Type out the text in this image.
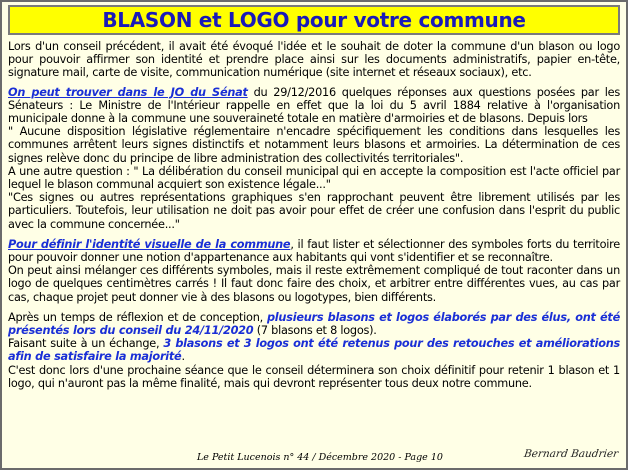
BLASON et LOGO pour votre commune

Lors d'un conseil précédent, il avait été évoqué l'idée et le souhait de doter la commune d'un blason ou logo pour pouvoir affirmer son identité et prendre place ainsi sur les documents administratifs, papier en-tête, signature mail, carte de visite, communication numérique (site internet et réseaux sociaux), etc.

On peut trouver dans le JO du Sénat du 29/12/2016 quelques réponses aux questions posées par les Sénateurs : Le Ministre de l'Intérieur rappelle en effet que la loi du 5 avril 1884 relative à l'organisation municipale donne à la commune une souveraineté totale en matière d'armoiries et de blasons. Depuis lors

" Aucune disposition législative réglementaire n'encadre spécifiquement les conditions dans lesquelles les communes arrêtent leurs signes distinctifs et notamment leurs blasons et armoiries. La détermination de ces signes relève donc du principe de libre administration des collectivités territoriales".

A une autre question : " La délibération du conseil municipal qui en accepte la composition est l'acte officiel par lequel le blason communal acquiert son existence légale..."

"Ces signes ou autres représentations graphiques s'en rapprochant peuvent être librement utilisés par les particuliers. Toutefois, leur utilisation ne doit pas avoir pour effet de créer une confusion dans l'esprit du public avec la commune concernée..."

Pour définir l'identité visuelle de la commune, il faut lister et sélectionner des symboles forts du territoire pour pouvoir donner une notion d'appartenance aux habitants qui vont s'identifier et se reconnaître.

On peut ainsi mélanger ces différents symboles, mais il reste extrêmement compliqué de tout raconter dans un logo de quelques centimètres carrés ! Il faut donc faire des choix, et arbitrer entre différentes vues, au cas par cas, chaque projet peut donner vie à des blasons ou logotypes, bien différents.

Après un temps de réflexion et de conception, plusieurs blasons et logos élaborés par des élus, ont été présentés lors du conseil du 24/11/2020 (7 blasons et 8 logos).

Faisant suite à un échange, 3 blasons et 3 logos ont été retenus pour des retouches et améliorations afin de satisfaire la majorité.

C'est donc lors d'une prochaine séance que le conseil déterminera son choix définitif pour retenir 1 blason et 1 logo, qui n'auront pas la même finalité, mais qui devront représenter tous deux notre commune.

Le Petit Lucenois n° 44 / Décembre 2020 - Page 10	Bernard Baudrier
